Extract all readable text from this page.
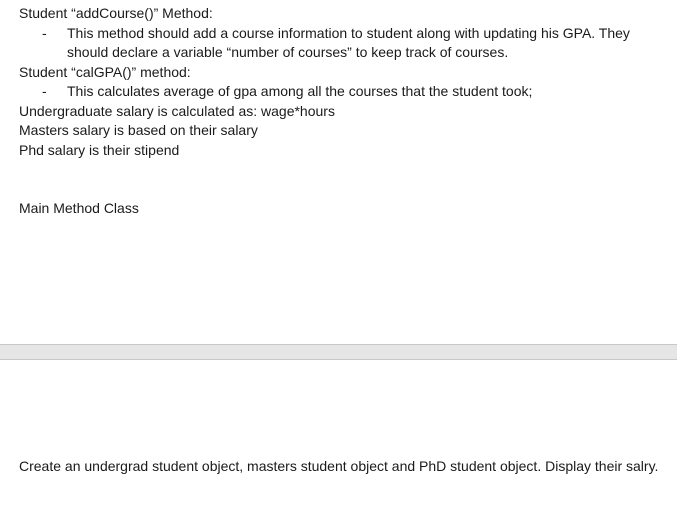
Student “addCourse()” Method:
- This method should add a course information to student along with updating his GPA. They should declare a variable “number of courses” to keep track of courses.
Student “calGPA()” method:
- This calculates average of gpa among all the courses that the student took;
Undergraduate salary is calculated as: wage*hours
Masters salary is based on their salary
Phd salary is their stipend
Main Method Class
Create an undergrad student object, masters student object and PhD student object. Display their salry.
